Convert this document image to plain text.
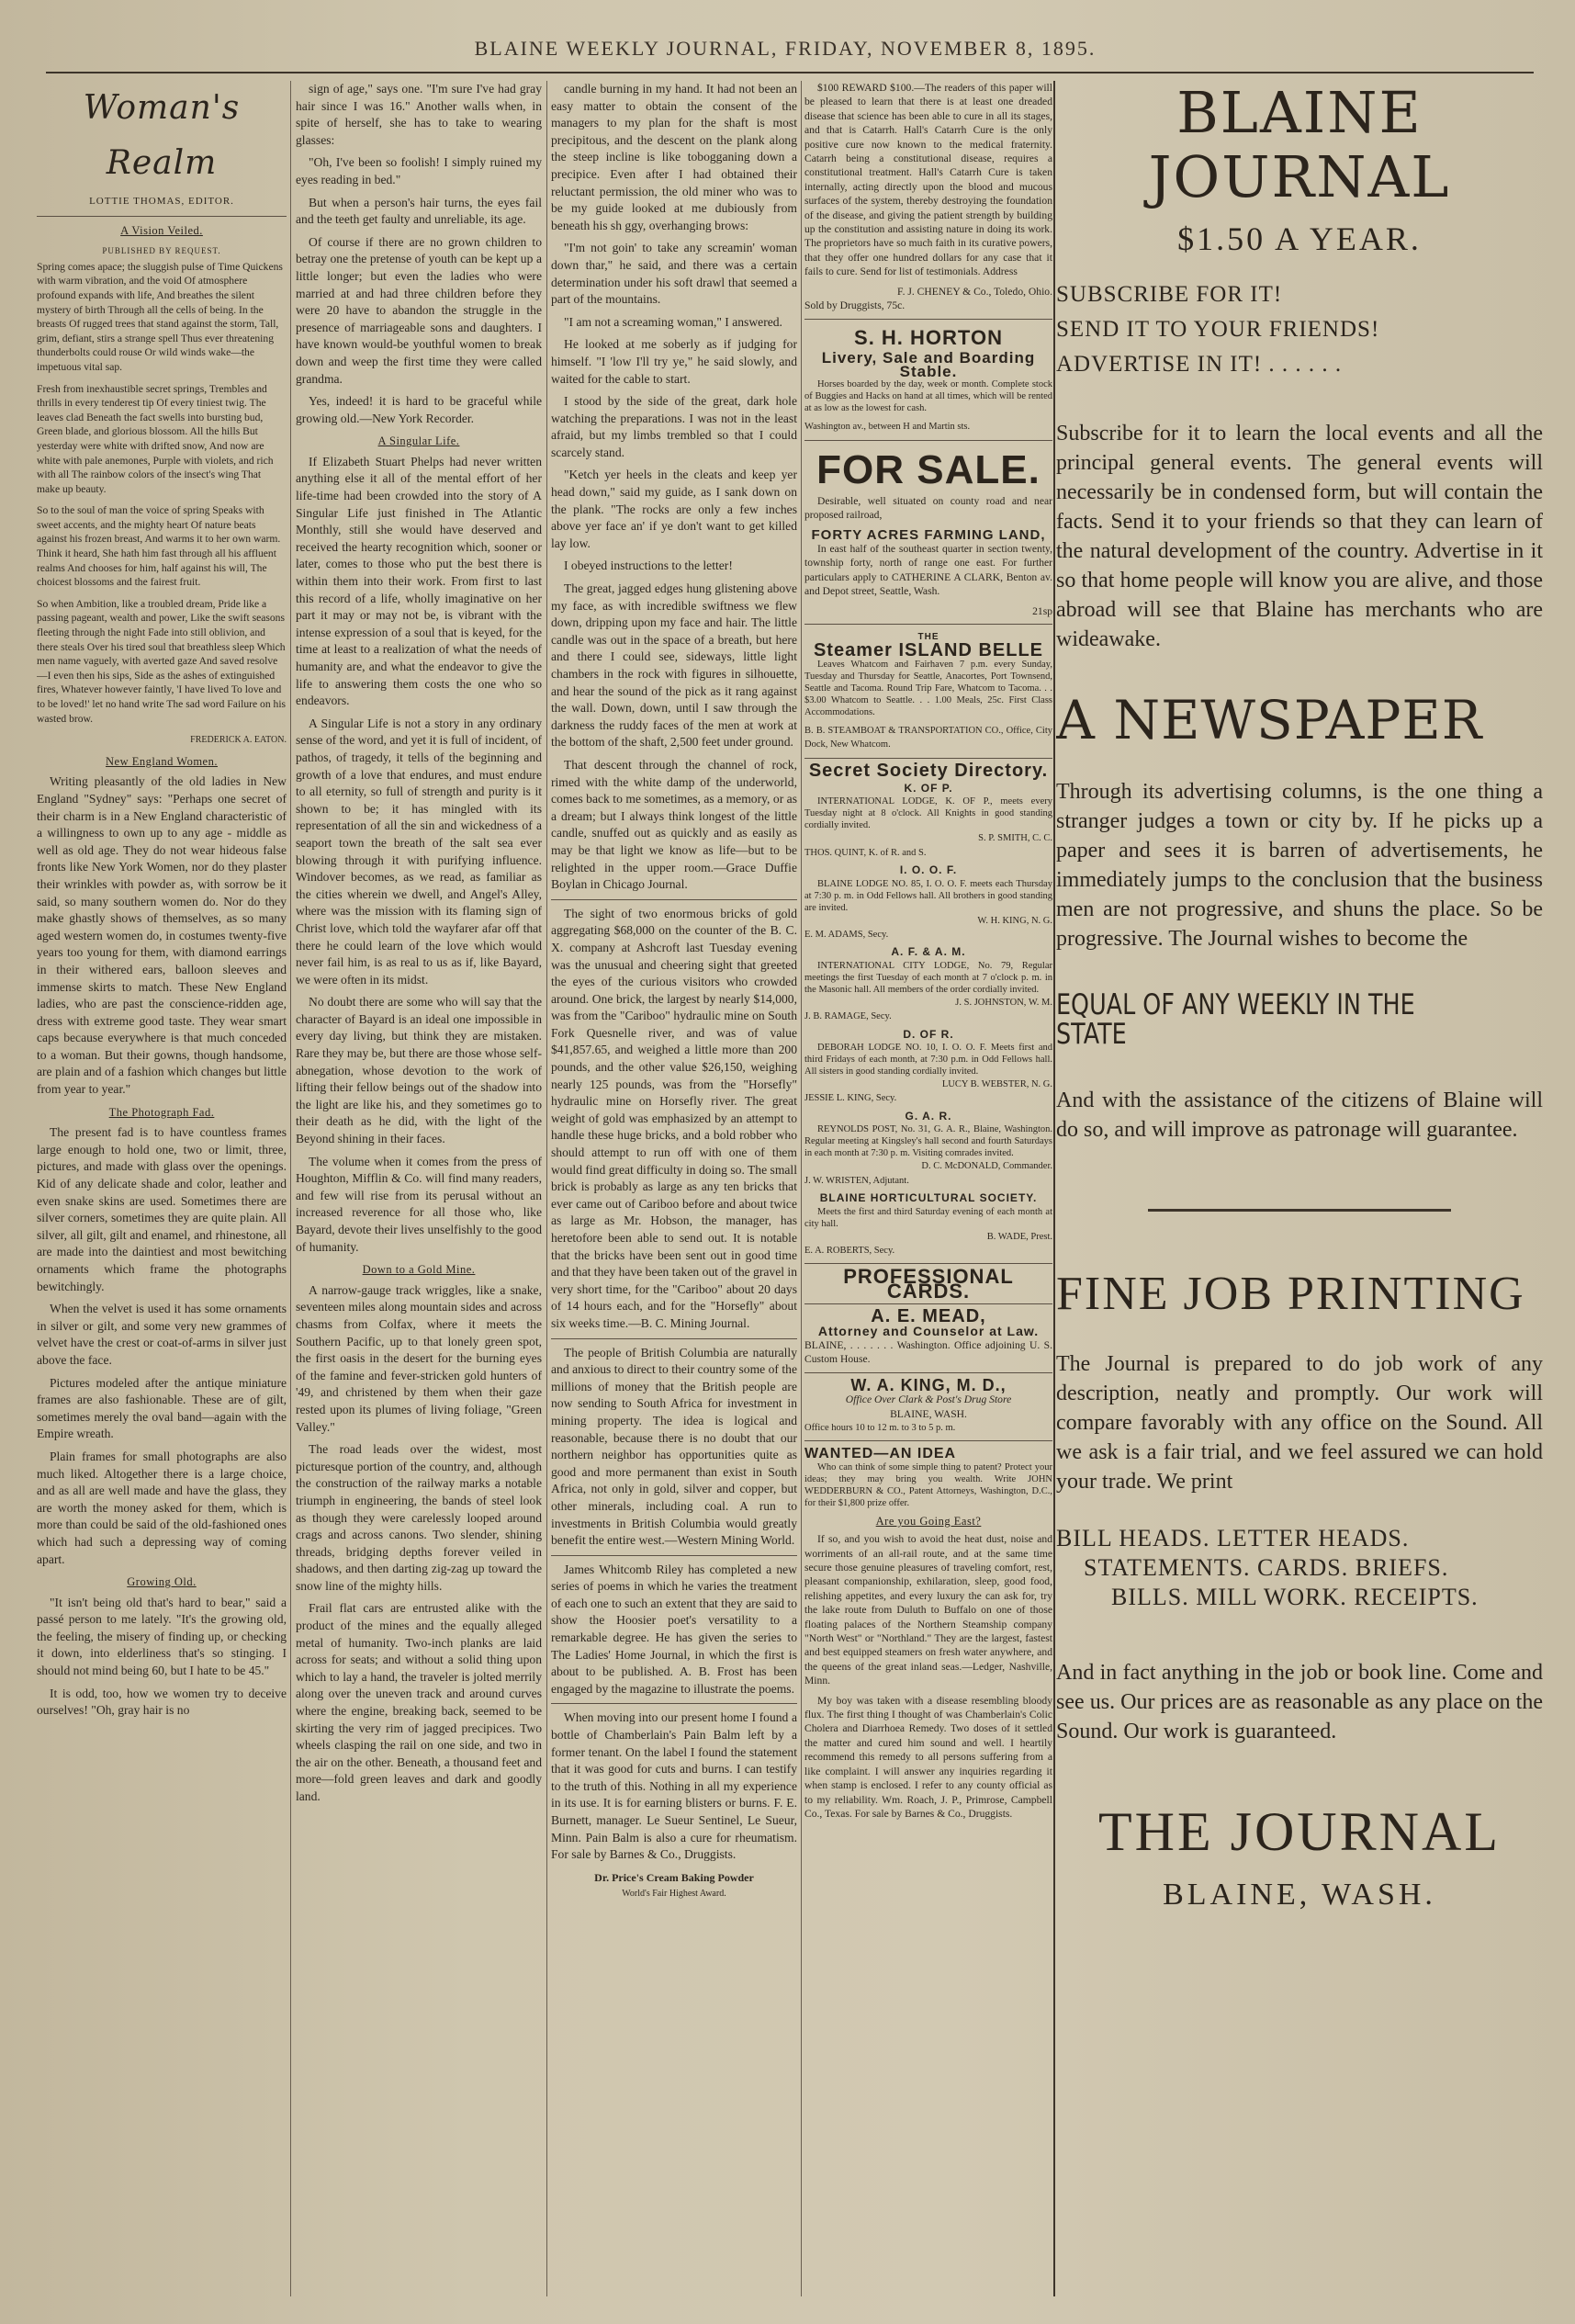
BLAINE WEEKLY JOURNAL, FRIDAY, NOVEMBER 8, 1895.
Woman's Realm
LOTTIE THOMAS, EDITOR.
A Vision Veiled.
PUBLISHED BY REQUEST.

Spring comes apace; the sluggish pulse of Time Quickens with warm vibration, and the void Of atmosphere profound expands with life, And breathes the silent mystery of birth Through all the cells of being. In the breasts Of rugged trees that stand against the storm, Tall, grim, defiant, stirs a strange spell Thus ever threatening thunderbolts could rouse Or wild winds wake—the impetuous vital sap.

Fresh from inexhaustible secret springs, Trembles and thrills in every tenderest tip Of every tiniest twig. The leaves clad Beneath the fact swells into bursting bud, Green blade, and glorious blossom. All the hills But yesterday were white with drifted snow, And now are white with pale anemones, Purple with violets, and rich with all The rainbow colors of the insect's wing That make up beauty.

So to the soul of man the voice of spring Speaks with sweet accents, and the mighty heart Of nature beats against his frozen breast, And warms it to her own warm. Think it heard, She hath him fast through all his affluent realms And chooses for him, half against his will, The choicest blossoms and the fairest fruit.

So when Ambition, like a troubled dream, Pride like a passing pageant, wealth and power, Like the swift seasons fleeting through the night Fade into still oblivion, and there steals Over his tired soul that breathless sleep Which men name vaguely, with averted gaze And saved resolve—I even then his sips, Side as the ashes of extinguished fires, Whatever however faintly, 'I have lived To love and to be loved!' let no hand write The sad word Failure on his wasted brow.

FREDERICK A. EATON.
New England Women.

Writing pleasantly of the old ladies in New England "Sydney" says: "Perhaps one secret of their charm is in a New England characteristic of a willingness to own up to any age - middle as well as old age. They do not wear hideous false fronts like New York Women, nor do they plaster their wrinkles with powder as, with sorrow be it said, so many southern women do. Nor do they make ghastly shows of themselves, as so many aged western women do, in costumes twenty-five years too young for them, with diamond earrings in their withered ears, balloon sleeves and immense skirts to match. These New England ladies, who are past the conscience-ridden age, dress with extreme good taste. They wear smart caps because everywhere is that much conceded to a woman. But their gowns, though handsome, are plain and of a fashion which changes but little from year to year."

The Photograph Fad.

The present fad is to have countless frames large enough to hold one, two or limit, three, pictures, and made with glass over the openings. Kid of any delicate shade and color, leather and even snake skins are used. Sometimes there are silver corners, sometimes they are quite plain. All silver, all gilt, gilt and enamel, and rhinestone, all are made into the daintiest and most bewitching ornaments which frame the photographs bewitchingly.

When the velvet is used it has some ornaments in silver or gilt, and some very new grammes of velvet have the crest or coat-of-arms in silver just above the face.

Pictures modeled after the antique miniature frames are also fashionable. These are of gilt, sometimes merely the oval band—again with the Empire wreath.

Plain frames for small photographs are also much liked. Altogether there is a large choice, and as all are well made and have the glass, they are worth the money asked for them, which is more than could be said of the old-fashioned ones which had such a depressing way of coming apart.

Growing Old.

"It isn't being old that's hard to bear," said a passé person to me lately. "It's the growing old, the feeling, the misery of finding up, or checking it down, into elderliness that's so stinging. I should not mind being 60, but I hate to be 45."

It is odd, too, how we women try to deceive ourselves! "Oh, gray hair is no

sign of age," says one. "I'm sure I've had gray hair since I was 16." Another walls when, in spite of herself, she has to take to wearing glasses:

"Oh, I've been so foolish! I simply ruined my eyes reading in bed."

But when a person's hair turns, the eyes fail and the teeth get faulty and unreliable, its age.

Of course if there are no grown children to betray one the pretense of youth can be kept up a little longer; but even the ladies who were married at and had three children before they were 20 have to abandon the struggle in the presence of marriageable sons and daughters. I have known would-be youthful women to break down and weep the first time they were called grandma.

Yes, indeed! it is hard to be graceful while growing old.—New York Recorder.

A Singular Life.

If Elizabeth Stuart Phelps had never written anything else it all of the mental effort of her life-time had been crowded into the story of A Singular Life just finished in The Atlantic Monthly, still she would have deserved and received the hearty recognition which, sooner or later, comes to those who put the best there is within them into their work. From first to last this record of a life, wholly imaginative on her part it may or may not be, is vibrant with the intense expression of a soul that is keyed, for the time at least to a realization of what the needs of humanity are, and what the endeavor to give the life to answering them costs the one who so endeavors.

A Singular Life is not a story in any ordinary sense of the word, and yet it is full of incident, of pathos, of tragedy, it tells of the beginning and growth of a love that endures, and must endure to all eternity, so full of strength and purity is it shown to be; it has mingled with its representation of all the sin and wickedness of a seaport town the breath of the salt sea ever blowing through it with purifying influence. Windover becomes, as we read, as familiar as the cities wherein we dwell, and Angel's Alley, where was the mission with its flaming sign of Christ love, which told the wayfarer afar off that there he could learn of the love which would never fail him, is as real to us as if, like Bayard, we were often in its midst.

No doubt there are some who will say that the character of Bayard is an ideal one impossible in every day living, but think they are mistaken. Rare they may be, but there are those whose self-abnegation, whose devotion to the work of lifting their fellow beings out of the shadow into the light are like his, and they sometimes go to their death as he did, with the light of the Beyond shining in their faces.

The volume when it comes from the press of Houghton, Mifflin & Co. will find many readers, and few will rise from its perusal without an increased reverence for all those who, like Bayard, devote their lives unselfishly to the good of humanity.

Down to a Gold Mine.

A narrow-gauge track wriggles, like a snake, seventeen miles along mountain sides and across chasms from Colfax, where it meets the Southern Pacific, up to that lonely green spot, the first oasis in the desert for the burning eyes of the famine and fever-stricken gold hunters of '49, and christened by them when their gaze rested upon its plumes of living foliage, "Green Valley."

The road leads over the widest, most picturesque portion of the country, and, although the construction of the railway marks a notable triumph in engineering, the bands of steel look as though they were carelessly looped around crags and across canons. Two slender, shining threads, bridging depths forever veiled in shadows, and then darting zig-zag up toward the snow line of the mighty hills.

Frail flat cars are entrusted alike with the product of the mines and the equally alleged metal of humanity. Two-inch planks are laid across for seats; and without a solid thing upon which to lay a hand, the traveler is jolted merrily along over the uneven track and around curves where the engine, breaking back, seemed to be skirting the very rim of jagged precipices. Two wheels clasping the rail on one side, and two in the air on the other. Beneath, a thousand feet and more—fold green leaves and dark and goodly land.

candle burning in my hand. It had not been an easy matter to obtain the consent of the managers to my plan for the shaft is most precipitous, and the descent on the plank along the steep incline is like tobogganing down a precipice. Even after I had obtained their reluctant permission, the old miner who was to be my guide looked at me dubiously from beneath his sh ggy, overhanging brows:

"I'm not goin' to take any screamin' woman down thar," he said, and there was a certain determination under his soft drawl that seemed a part of the mountains.

"I am not a screaming woman," I answered.

He looked at me soberly as if judging for himself. "I 'low I'll try ye," he said slowly, and waited for the cable to start.

I stood by the side of the great, dark hole watching the preparations. I was not in the least afraid, but my limbs trembled so that I could scarcely stand.

"Ketch yer heels in the cleats and keep yer head down," said my guide, as I sank down on the plank. "The rocks are only a few inches above yer face an' if ye don't want to get killed lay low.

I obeyed instructions to the letter!

The great, jagged edges hung glistening above my face, as with incredible swiftness we flew down, dripping upon my face and hair. The little candle was out in the space of a breath, but here and there I could see, sideways, little light chambers in the rock with figures in silhouette, and hear the sound of the pick as it rang against the wall. Down, down, until I saw through the darkness the ruddy faces of the men at work at the bottom of the shaft, 2,500 feet under ground.

That descent through the channel of rock, rimed with the white damp of the underworld, comes back to me sometimes, as a memory, or as a dream; but I always think longest of the little candle, snuffed out as quickly and as easily as may be that light we know as life—but to be relighted in the upper room.—Grace Duffie Boylan in Chicago Journal.

The sight of two enormous bricks of gold aggregating $68,000 on the counter of the B. C. X. company at Ashcroft last Tuesday evening was the unusual and cheering sight that greeted the eyes of the curious visitors who crowded around. One brick, the largest by nearly $14,000, was from the "Cariboo" hydraulic mine on South Fork Quesnelle river, and was of value $41,857.65, and weighed a little more than 200 pounds, and the other value $26,150, weighing nearly 125 pounds, was from the "Horsefly" hydraulic mine on Horsefly river. The great weight of gold was emphasized by an attempt to handle these huge bricks, and a bold robber who should attempt to run off with one of them would find great difficulty in doing so. The small brick is probably as large as any ten bricks that ever came out of Cariboo before and about twice as large as Mr. Hobson, the manager, has heretofore been able to send out. It is notable that the bricks have been sent out in good time and that they have been taken out of the gravel in very short time, for the "Cariboo" about 20 days of 14 hours each, and for the "Horsefly" about six weeks time.—B. C. Mining Journal.

The people of British Columbia are naturally and anxious to direct to their country some of the millions of money that the British people are now sending to South Africa for investment in mining property. The idea is logical and reasonable, because there is no doubt that our northern neighbor has opportunities quite as good and more permanent than exist in South Africa, not only in gold, silver and copper, but other minerals, including coal. A run to investments in British Columbia would greatly benefit the entire west.—Western Mining World.

James Whitcomb Riley has completed a new series of poems in which he varies the treatment of each one to such an extent that they are said to show the Hoosier poet's versatility to a remarkable degree. He has given the series to The Ladies' Home Journal, in which the first is about to be published. A. B. Frost has been engaged by the magazine to illustrate the poems.

When moving into our present home I found a bottle of Chamberlain's Pain Balm left by a former tenant. On the label I found the statement that it was good for cuts and burns. I can testify to the truth of this. Nothing in all my experience in its use. It is for earning blisters or burns. F. E. Burnett, manager. Le Sueur Sentinel, Le Sueur, Minn. Pain Balm is also a cure for rheumatism. For sale by Barnes & Co., Druggists.

Dr. Price's Cream Baking Powder
World's Fair Highest Award.

$100 REWARD $100.—The readers of this paper will be pleased to learn that there is at least one dreaded disease that science has been able to cure in all its stages, and that is Catarrh. Hall's Catarrh Cure is the only positive cure now known to the medical fraternity. Catarrh being a constitutional disease, requires a constitutional treatment. Hall's Catarrh Cure is taken internally, acting directly upon the blood and mucous surfaces of the system, thereby destroying the foundation of the disease, and giving the patient strength by building up the constitution and assisting nature in doing its work. The proprietors have so much faith in its curative powers, that they offer one hundred dollars for any case that it fails to cure. Send for list of testimonials. Address

F. J. CHENEY & Co., Toledo, Ohio.
Sold by Druggists, 75c.
S. H. HORTON
Livery, Sale and Boarding Stable.

Horses boarded by the day, week or month. Complete stock of Buggies and Hacks on hand at all times, which will be rented at as low as the lowest for cash.

Washington av., between H and Martin sts.
FOR SALE.

Desirable, well situated on county road and near proposed railroad,

FORTY ACRES FARMING LAND,

In east half of the southeast quarter in section twenty, township forty, north of range one east. For further particulars apply to CATHERINE A CLARK, Benton av. and Depot street, Seattle, Wash.

21sp
THE
Steamer ISLAND BELLE

Leaves Whatcom and Fairhaven 7 p.m. every Sunday, Tuesday and Thursday for Seattle, Anacortes, Port Townsend, Seattle and Tacoma. Round Trip Fare, Whatcom to Tacoma. . . $3.00 Whatcom to Seattle. . . 1.00 Meals, 25c. First Class Accommodations.

B. B. STEAMBOAT & TRANSPORTATION CO., Office, City Dock, New Whatcom.
Secret Society Directory.
K. OF P.

INTERNATIONAL LODGE, K. OF P., meets every Tuesday night at 8 o'clock. All Knights in good standing cordially invited.

S. P. SMITH, C. C.
THOS. QUINT, K. of R. and S.
I. O. O. F.

BLAINE LODGE NO. 85, I. O. O. F. meets each Thursday at 7:30 p. m. in Odd Fellows hall. All brothers in good standing are invited.

W. H. KING, N. G.
E. M. ADAMS, Secy.
A. F. & A. M.

INTERNATIONAL CITY LODGE, No. 79, Regular meetings the first Tuesday of each month at 7 o'clock p. m. in the Masonic hall. All members of the order cordially invited.

J. S. JOHNSTON, W. M.
J. B. RAMAGE, Secy.
D. OF R.

DEBORAH LODGE NO. 10, I. O. O. F. Meets first and third Fridays of each month, at 7:30 p.m. in Odd Fellows hall. All sisters in good standing cordially invited.

LUCY B. WEBSTER, N. G.
JESSIE L. KING, Secy.
G. A. R.

REYNOLDS POST, No. 31, G. A. R., Blaine, Washington. Regular meeting at Kingsley's hall second and fourth Saturdays in each month at 7:30 p. m. Visiting comrades invited.

D. C. McDONALD, Commander.
J. W. WRISTEN, Adjutant.
BLAINE HORTICULTURAL SOCIETY.

Meets the first and third Saturday evening of each month at city hall.

B. WADE, Prest.
E. A. ROBERTS, Secy.
PROFESSIONAL CARDS.
A. E. MEAD,
Attorney and Counselor at Law.
BLAINE, . . . . . . . Washington. Office adjoining U. S. Custom House.
W. A. KING, M. D.,
Office Over Clark & Post's Drug Store
BLAINE, WASH.
Office hours 10 to 12 m. to 3 to 5 p. m.
WANTED—AN IDEA

Who can think of some simple thing to patent? Protect your ideas; they may bring you wealth. Write JOHN WEDDERBURN & CO., Patent Attorneys, Washington, D.C., for their $1,800 prize offer.

Are you Going East?

If so, and you wish to avoid the heat dust, noise and worriments of an all-rail route, and at the same time secure those genuine pleasures of traveling comfort, rest, pleasant companionship, exhilaration, sleep, good food, relishing appetites, and every luxury the can ask for, try the lake route from Duluth to Buffalo on one of those floating palaces of the Northern Steamship company "North West" or "Northland." They are the largest, fastest and best equipped steamers on fresh water anywhere, and the queens of the great inland seas.—Ledger, Nashville, Minn.

My boy was taken with a disease resembling bloody flux. The first thing I thought of was Chamberlain's Colic Cholera and Diarrhoea Remedy. Two doses of it settled the matter and cured him sound and well. I heartily recommend this remedy to all persons suffering from a like complaint. I will answer any inquiries regarding it when stamp is enclosed. I refer to any county official as to my reliability. Wm. Roach, J. P., Primrose, Campbell Co., Texas. For sale by Barnes & Co., Druggists.

BLAINE JOURNAL
$1.50 A YEAR.
SUBSCRIBE FOR IT!
SEND IT TO YOUR FRIENDS!
ADVERTISE IN IT! . . . . . .

Subscribe for it to learn the local events and all the principal general events. The general events will necessarily be in condensed form, but will contain the facts. Send it to your friends so that they can learn of the natural development of the country. Advertise in it so that home people will know you are alive, and those abroad will see that Blaine has merchants who are wideawake.

A NEWSPAPER

Through its advertising columns, is the one thing a stranger judges a town or city by. If he picks up a paper and sees it is barren of advertisements, he immediately jumps to the conclusion that the business men are not progressive, and shuns the place. So be progressive. The Journal wishes to become the

EQUAL OF ANY WEEKLY IN THE STATE

And with the assistance of the citizens of Blaine will do so, and will improve as patronage will guarantee.

FINE JOB PRINTING

The Journal is prepared to do job work of any description, neatly and promptly. Our work will compare favorably with any office on the Sound. All we ask is a fair trial, and we feel assured we can hold your trade. We print

BILL HEADS. LETTER HEADS.
STATEMENTS. CARDS. BRIEFS.
BILLS. MILL WORK. RECEIPTS.

And in fact anything in the job or book line. Come and see us. Our prices are as reasonable as any place on the Sound. Our work is guaranteed.

THE JOURNAL
BLAINE, WASH.
